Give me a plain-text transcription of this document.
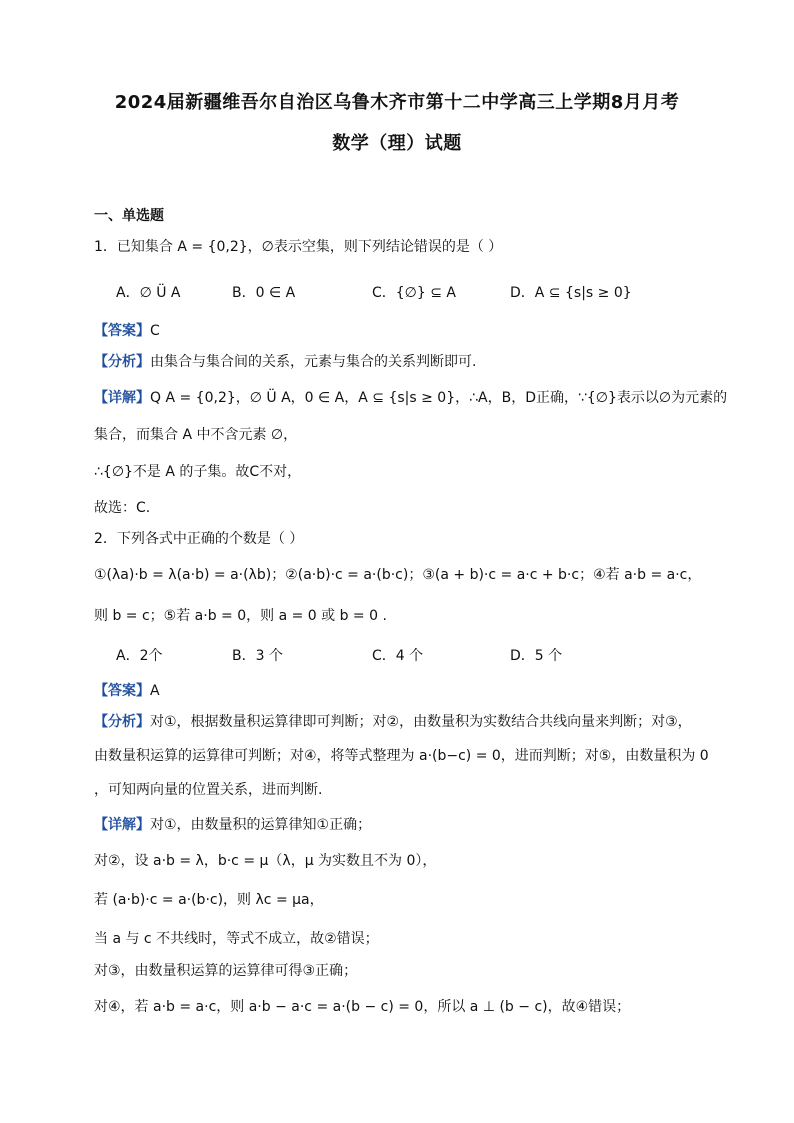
2024届新疆维吾尔自治区乌鲁木齐市第十二中学高三上学期8月月考
数学（理）试题
一、单选题
1．已知集合 A = {0,2}，∅表示空集，则下列结论错误的是（ ）
A．∅ Ü A	B．0 ∈ A	C．{∅} ⊆ A	D．A ⊆ {s|s ≥ 0}
【答案】C
【分析】由集合与集合间的关系，元素与集合的关系判断即可.
【详解】Q A = {0,2}，∅ Ü A，0 ∈ A，A ⊆ {s|s ≥ 0}，∴A，B，D正确，∵{∅}表示以∅为元素的
集合，而集合 A 中不含元素 ∅，
∴{∅}不是 A 的子集。故C不对，
故选：C.
2．下列各式中正确的个数是（ ）
①(λa)·b = λ(a·b) = a·(λb)；②(a·b)·c = a·(b·c)；③(a + b)·c = a·c + b·c；④若 a·b = a·c，
则 b = c；⑤若 a·b = 0，则 a = 0 或 b = 0 .
A．2个	B．3 个	C．4 个	D．5 个
【答案】A
【分析】对①，根据数量积运算律即可判断；对②，由数量积为实数结合共线向量来判断；对③，
由数量积运算的运算律可判断；对④，将等式整理为 a·(b−c) = 0，进而判断；对⑤，由数量积为 0
，可知两向量的位置关系，进而判断.
【详解】对①，由数量积的运算律知①正确；
对②，设 a·b = λ，b·c = μ（λ，μ 为实数且不为 0），
若 (a·b)·c = a·(b·c)，则 λc = μa，
当 a 与 c 不共线时，等式不成立，故②错误；
对③，由数量积运算的运算律可得③正确；
对④，若 a·b = a·c，则 a·b − a·c = a·(b − c) = 0，所以 a ⊥ (b − c)，故④错误；
